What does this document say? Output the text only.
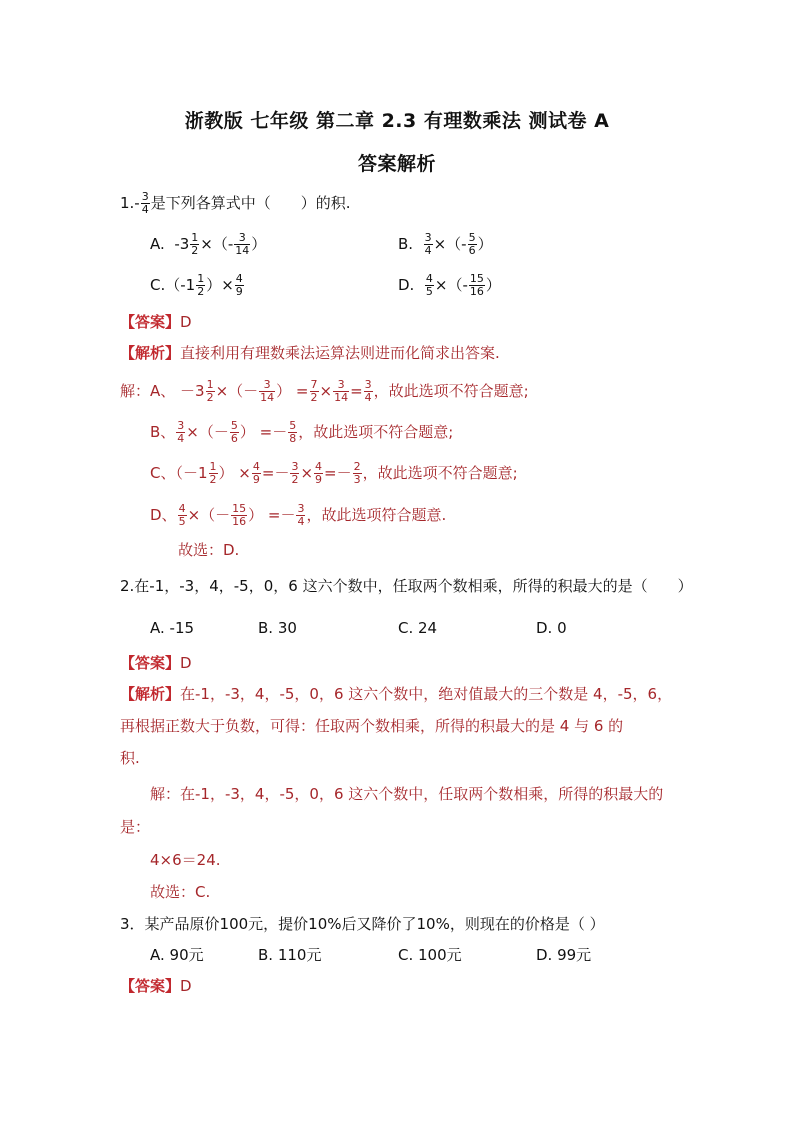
浙教版 七年级 第二章 2.3 有理数乘法 测试卷 A
答案解析
$1.- \frac{3}{4}$ 是下列各算式中（　　）的积.
A. $-3 \frac{1}{2}$ ×（- $\frac{3}{14}$ ）	B. $\frac{3}{4}$ ×（- $\frac{5}{6}$ ）
$C.(-1 \frac{1}{2}$ ）× $\frac{4}{9}$	D. $\frac{4}{5}$ ×（- $\frac{15}{16}$ ）
【答案】D
【解析】直接利用有理数乘法运算法则进而化简求出答案.
解：A、 $-3 \frac{1}{2}$ ×（－ $\frac{3}{14}$ ） = $\frac{7}{2} \times \frac{3}{14} = \frac{3}{4}$ ，故此选项不符合题意;
B、 $\frac{3}{4}$ ×（－ $\frac{5}{6}$ ） =－ $\frac{5}{8}$ ，故此选项不符合题意;
C、（$-1 \frac{1}{2}$ ） × $\frac{4}{9} =- \frac{3}{2} \times \frac{4}{9} =- \frac{2}{3}$ ，故此选项不符合题意;
D、 $\frac{4}{5}$ ×（－ $\frac{15}{16}$ ） =－ $\frac{3}{4}$ ，故此选项符合题意.
故选：D.
2.在-1，-3，4，-5，0，6 这六个数中，任取两个数相乘，所得的积最大的是（　　）
A. -15	B. 30	C. 24	D. 0
【答案】D
【解析】在-1，-3，4，-5，0，6 这六个数中，绝对值最大的三个数是 4，-5，6，
再根据正数大于负数，可得：任取两个数相乘，所得的积最大的是 4 与 6 的
积.
解：在-1，-3，4，-5，0，6 这六个数中，任取两个数相乘，所得的积最大的
是：
4×6＝24.
故选：C.
3．某产品原价100元，提价10%后又降价了10%，则现在的价格是（ ）
A. 90元	B. 110元	C. 100元	D. 99元
【答案】D
